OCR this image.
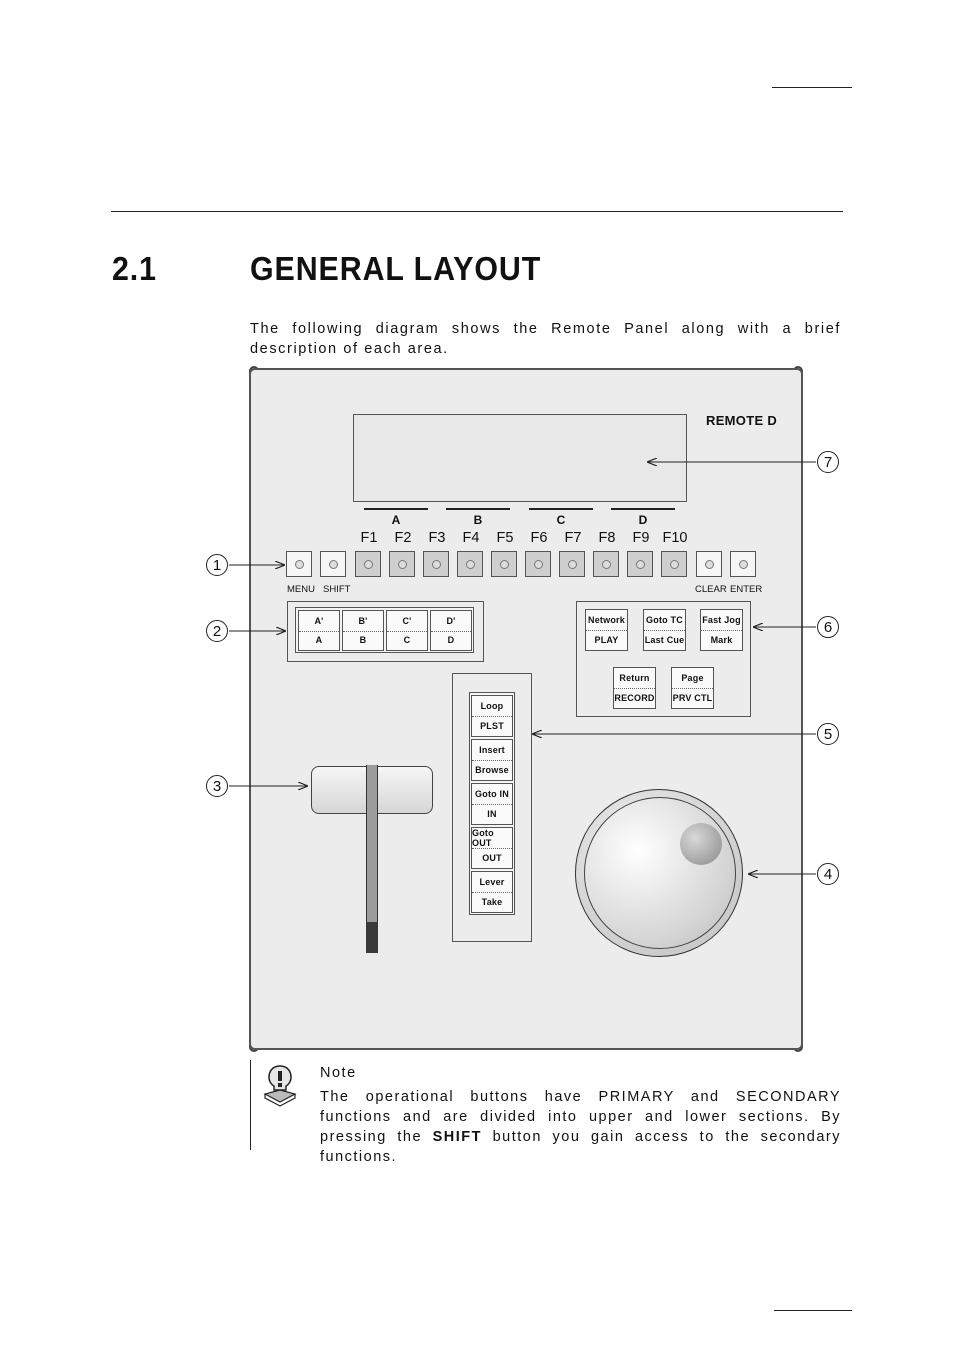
2.1	GENERAL LAYOUT
The following diagram shows the Remote Panel along with a brief description of each area.
REMOTE D
A	B	C	D
F1	F2	F3	F4	F5	F6	F7	F8	F9 F10
MENU SHIFT	CLEAR ENTER
A'
A
B'
B
C'
C
D'
D
Network
PLAY
Goto TC
Last Cue
Fast Jog
Mark
Return
RECORD
Page
PRV CTL
Loop
PLST
Insert
Browse
Goto IN
IN
Goto OUT
OUT
Lever
Take
1
2
3
4
5
6
7
Note
The operational buttons have PRIMARY and SECONDARY functions and are divided into upper and lower sections. By pressing the SHIFT button you gain access to the secondary functions.
